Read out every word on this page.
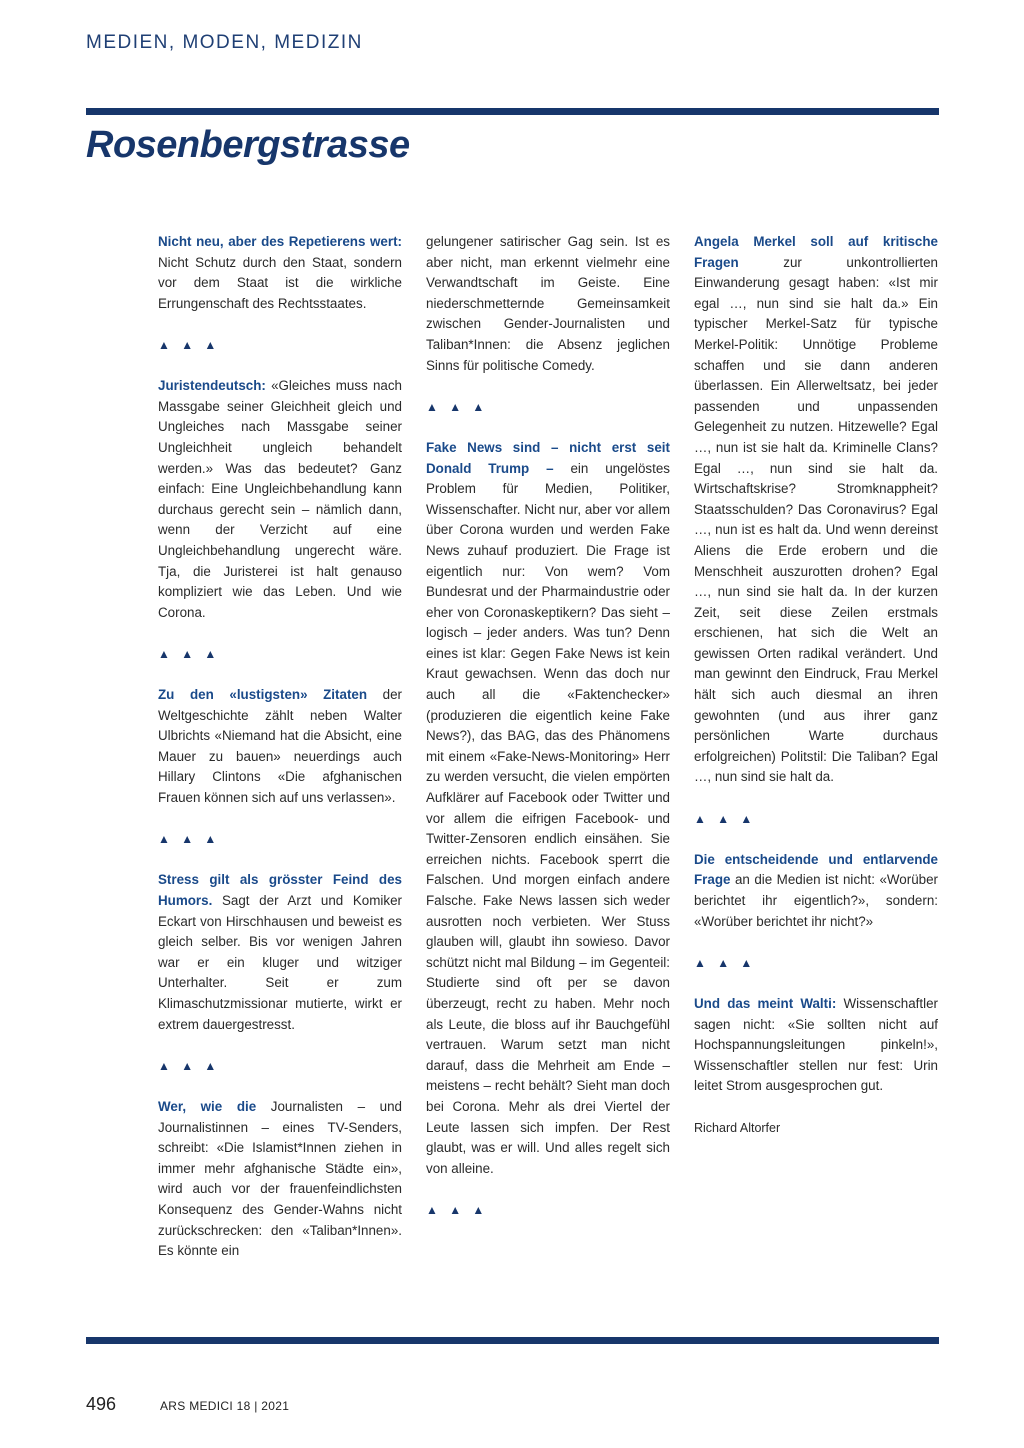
MEDIEN, MODEN, MEDIZIN
Rosenbergstrasse

Nicht neu, aber des Repetierens wert: Nicht Schutz durch den Staat, sondern vor dem Staat ist die wirkliche Errungenschaft des Rechtsstaates.

▲ ▲ ▲

Juristendeutsch: «Gleiches muss nach Massgabe seiner Gleichheit gleich und Ungleiches nach Massgabe seiner Ungleichheit ungleich behandelt werden.» Was das bedeutet? Ganz einfach: Eine Ungleichbehandlung kann durchaus gerecht sein – nämlich dann, wenn der Verzicht auf eine Ungleichbehandlung ungerecht wäre. Tja, die Juristerei ist halt genauso kompliziert wie das Leben. Und wie Corona.

▲ ▲ ▲

Zu den «lustigsten» Zitaten der Weltgeschichte zählt neben Walter Ulbrichts «Niemand hat die Absicht, eine Mauer zu bauen» neuerdings auch Hillary Clintons «Die afghanischen Frauen können sich auf uns verlassen».

▲ ▲ ▲

Stress gilt als grösster Feind des Humors. Sagt der Arzt und Komiker Eckart von Hirschhausen und beweist es gleich selber. Bis vor wenigen Jahren war er ein kluger und witziger Unterhalter. Seit er zum Klimaschutzmissionar mutierte, wirkt er extrem dauergestresst.

▲ ▲ ▲

Wer, wie die Journalisten – und Journalistinnen – eines TV-Senders, schreibt: «Die Islamist*Innen ziehen in immer mehr afghanische Städte ein», wird auch vor der frauenfeindlichsten Konsequenz des Gender-Wahns nicht zurückschrecken: den «Taliban*Innen». Es könnte ein

gelungener satirischer Gag sein. Ist es aber nicht, man erkennt vielmehr eine Verwandtschaft im Geiste. Eine niederschmetternde Gemeinsamkeit zwischen Gender-Journalisten und Taliban*Innen: die Absenz jeglichen Sinns für politische Comedy.

▲ ▲ ▲

Fake News sind – nicht erst seit Donald Trump – ein ungelöstes Problem für Medien, Politiker, Wissenschafter. Nicht nur, aber vor allem über Corona wurden und werden Fake News zuhauf produziert. Die Frage ist eigentlich nur: Von wem? Vom Bundesrat und der Pharmaindustrie oder eher von Coronaskeptikern? Das sieht – logisch – jeder anders. Was tun? Denn eines ist klar: Gegen Fake News ist kein Kraut gewachsen. Wenn das doch nur auch all die «Faktenchecker» (produzieren die eigentlich keine Fake News?), das BAG, das des Phänomens mit einem «Fake-News-Monitoring» Herr zu werden versucht, die vielen empörten Aufklärer auf Facebook oder Twitter und vor allem die eifrigen Facebook- und Twitter-Zensoren endlich einsähen. Sie erreichen nichts. Facebook sperrt die Falschen. Und morgen einfach andere Falsche. Fake News lassen sich weder ausrotten noch verbieten. Wer Stuss glauben will, glaubt ihn sowieso. Davor schützt nicht mal Bildung – im Gegenteil: Studierte sind oft per se davon überzeugt, recht zu haben. Mehr noch als Leute, die bloss auf ihr Bauchgefühl vertrauen. Warum setzt man nicht darauf, dass die Mehrheit am Ende – meistens – recht behält? Sieht man doch bei Corona. Mehr als drei Viertel der Leute lassen sich impfen. Der Rest glaubt, was er will. Und alles regelt sich von alleine.

▲ ▲ ▲

Angela Merkel soll auf kritische Fragen zur unkontrollierten Einwanderung gesagt haben: «Ist mir egal …, nun sind sie halt da.» Ein typischer Merkel-Satz für typische Merkel-Politik: Unnötige Probleme schaffen und sie dann anderen überlassen. Ein Allerweltsatz, bei jeder passenden und unpassenden Gelegenheit zu nutzen. Hitzewelle? Egal …, nun ist sie halt da. Kriminelle Clans? Egal …, nun sind sie halt da. Wirtschaftskrise? Stromknappheit? Staatsschulden? Das Coronavirus? Egal …, nun ist es halt da. Und wenn dereinst Aliens die Erde erobern und die Menschheit auszurotten drohen? Egal …, nun sind sie halt da. In der kurzen Zeit, seit diese Zeilen erstmals erschienen, hat sich die Welt an gewissen Orten radikal verändert. Und man gewinnt den Eindruck, Frau Merkel hält sich auch diesmal an ihren gewohnten (und aus ihrer ganz persönlichen Warte durchaus erfolgreichen) Politstil: Die Taliban? Egal …, nun sind sie halt da.

▲ ▲ ▲

Die entscheidende und entlarvende Frage an die Medien ist nicht: «Worüber berichtet ihr eigentlich?», sondern: «Worüber berichtet ihr nicht?»

▲ ▲ ▲

Und das meint Walti: Wissenschaftler sagen nicht: «Sie sollten nicht auf Hochspannungsleitungen pinkeln!», Wissenschaftler stellen nur fest: Urin leitet Strom ausgesprochen gut.

Richard Altorfer

496	ARS MEDICI 18 | 2021
